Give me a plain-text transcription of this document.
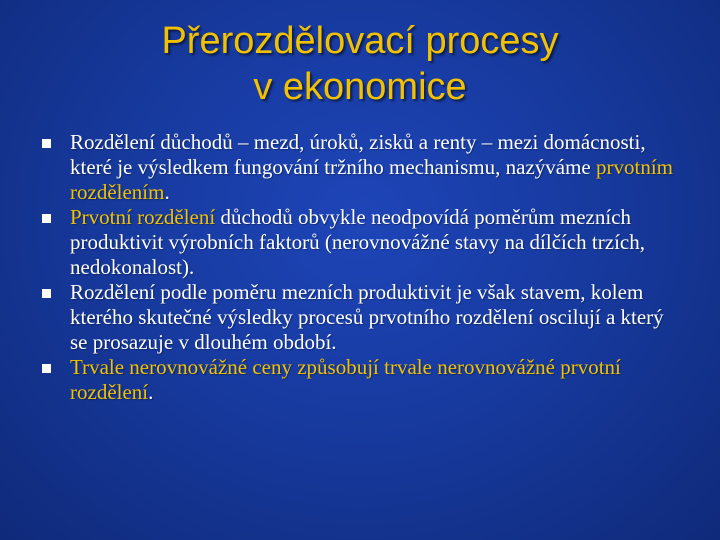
Přerozdělovací procesy
v ekonomice
Rozdělení důchodů – mezd, úroků, zisků a renty – mezi domácnosti, které je výsledkem fungování tržního mechanismu, nazýváme prvotním rozdělením.
Prvotní rozdělení důchodů obvykle neodpovídá poměrům mezních produktivit výrobních faktorů (nerovnovážné stavy na dílčích trzích, nedokonalost).
Rozdělení podle poměru mezních produktivit je však stavem, kolem kterého skutečné výsledky procesů prvotního rozdělení oscilují a který se prosazuje v dlouhém období.
Trvale nerovnovážné ceny způsobují trvale nerovnovážné prvotní rozdělení.
